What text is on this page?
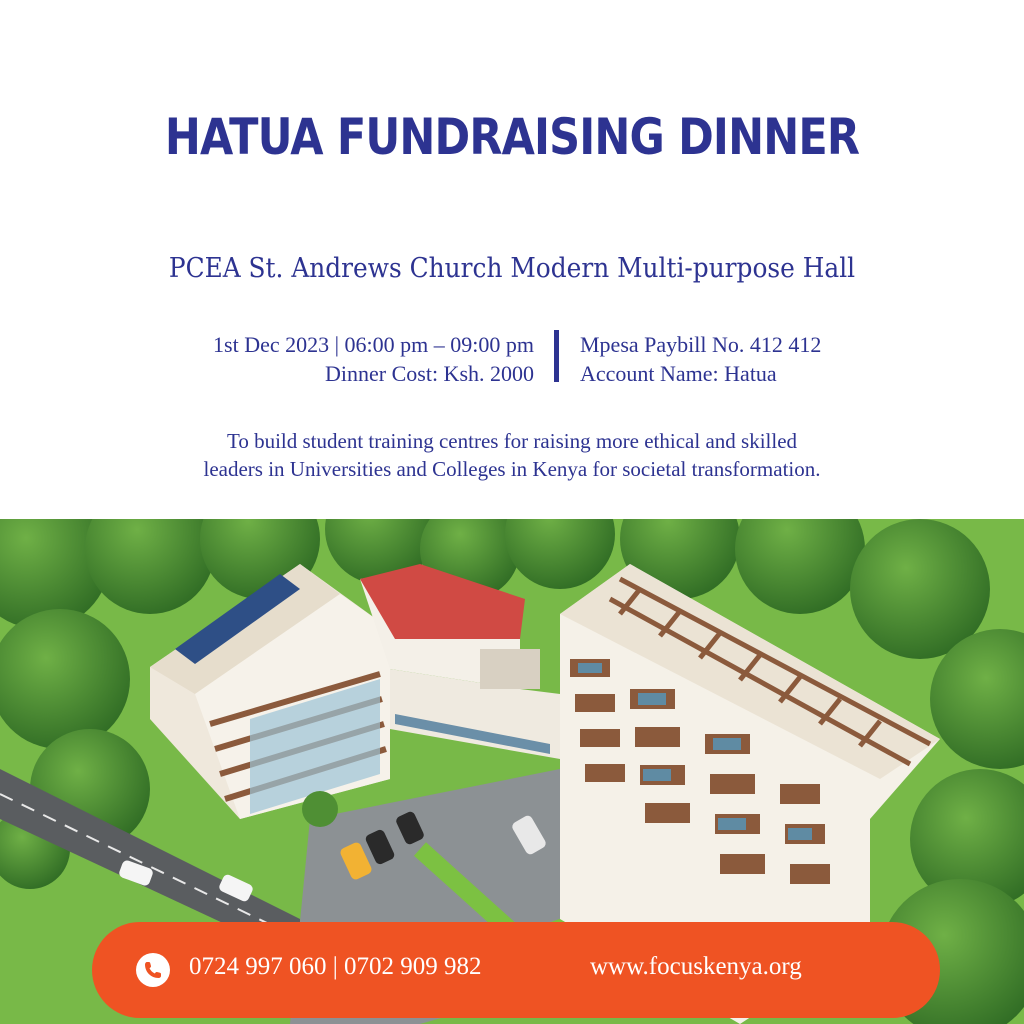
HATUA FUNDRAISING DINNER
PCEA St. Andrews Church Modern Multi-purpose Hall
1st Dec 2023 | 06:00 pm – 09:00 pm
Dinner Cost: Ksh. 2000
Mpesa Paybill No. 412 412
Account Name: Hatua

To build student training centres for raising more ethical and skilled
leaders in Universities and Colleges in Kenya for societal transformation.

0724 997 060 | 0702 909 982	www.focuskenya.org
